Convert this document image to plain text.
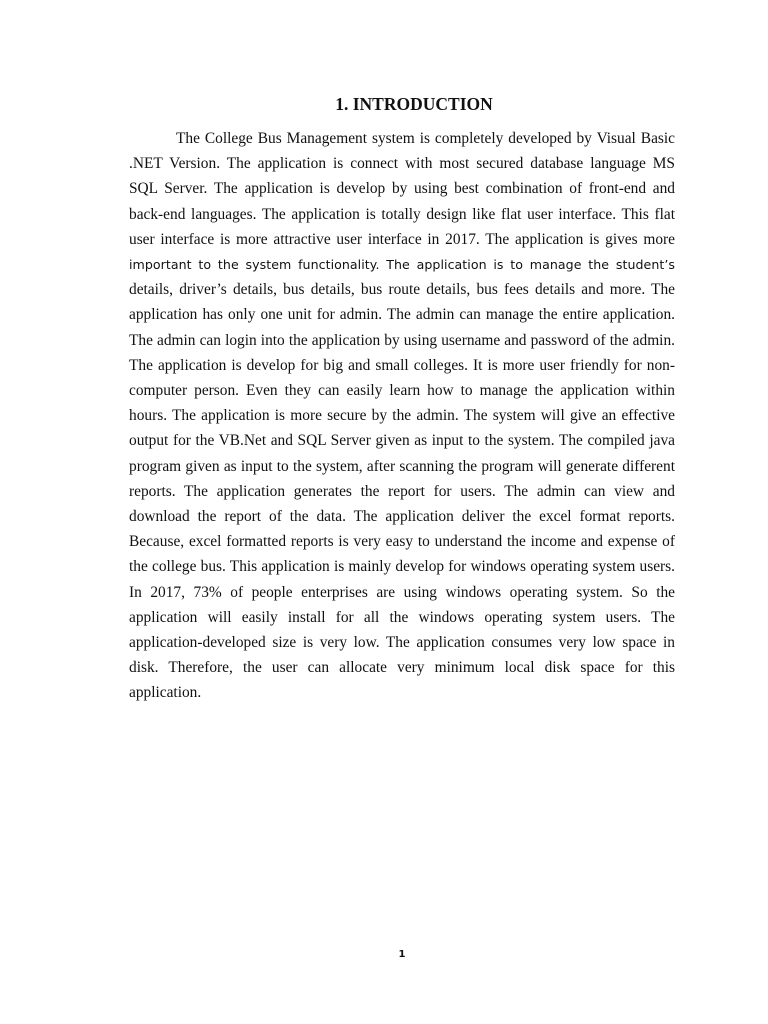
1. INTRODUCTION

The College Bus Management system is completely developed by Visual Basic
.NET Version. The application is connect with most secured database language MS
SQL Server. The application is develop by using best combination of front-end and
back-end languages. The application is totally design like flat user interface. This flat
user interface is more attractive user interface in 2017. The application is gives more
important to the system functionality. The application is to manage the student’s
details, driver’s details, bus details, bus route details, bus fees details and more. The
application has only one unit for admin. The admin can manage the entire application.
The admin can login into the application by using username and password of the admin.
The application is develop for big and small colleges. It is more user friendly for non-
computer person. Even they can easily learn how to manage the application within
hours. The application is more secure by the admin. The system will give an effective
output for the VB.Net and SQL Server given as input to the system. The compiled java
program given as input to the system, after scanning the program will generate different
reports. The application generates the report for users. The admin can view and
download the report of the data. The application deliver the excel format reports.
Because, excel formatted reports is very easy to understand the income and expense of
the college bus. This application is mainly develop for windows operating system users.
In 2017, 73% of people enterprises are using windows operating system. So the
application will easily install for all the windows operating system users. The
application-developed size is very low. The application consumes very low space in
disk. Therefore, the user can allocate very minimum local disk space for this
application.

1
